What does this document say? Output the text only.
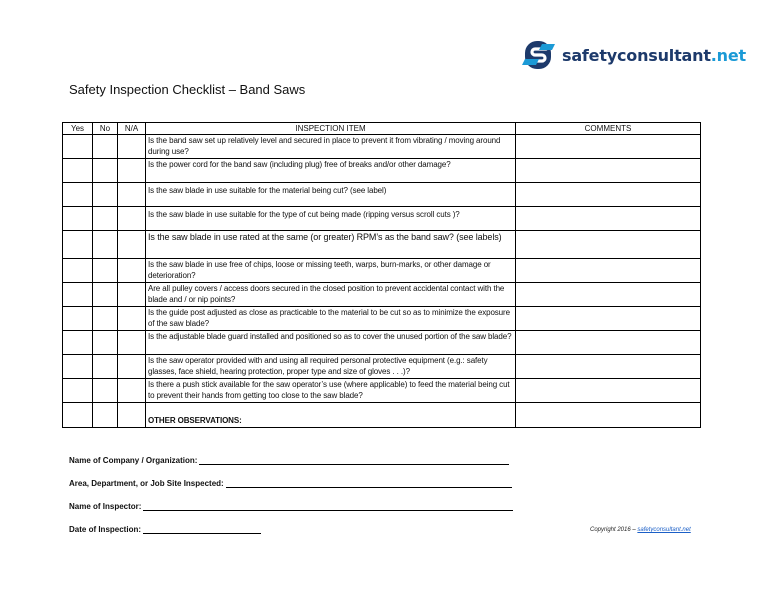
safetyconsultant.net
Safety Inspection Checklist – Band Saws
Yes	No	N/A	INSPECTION ITEM	COMMENTS
			Is the band saw set up relatively level and secured in place to prevent it from vibrating / moving around during use?	
			Is the power cord for the band saw (including plug) free of breaks and/or other damage?	
			Is the saw blade in use suitable for the material being cut? (see label)	
			Is the saw blade in use suitable for the type of cut being made (ripping versus scroll cuts )?	
			Is the saw blade in use rated at the same (or greater) RPM’s as the band saw? (see labels)	
			Is the saw blade in use free of chips, loose or missing teeth, warps, burn-marks, or other damage or deterioration?	
			Are all pulley covers / access doors secured in the closed position to prevent accidental contact with the blade and / or nip points?	
			Is the guide post adjusted as close as practicable to the material to be cut so as to minimize the exposure of the saw blade?	
			Is the adjustable blade guard installed and positioned so as to cover the unused portion of the saw blade?	
			Is the saw operator provided with and using all required personal protective equipment (e.g.: safety glasses, face shield, hearing protection, proper type and size of gloves . . .)?	
			Is there a push stick available for the saw operator’s use (where applicable) to feed the material being cut to prevent their hands from getting too close to the saw blade?	
			OTHER OBSERVATIONS:	
Name of Company / Organization:
Area, Department, or Job Site Inspected:
Name of Inspector:
Date of Inspection:	Copyright 2016 – safetyconsultant.net
